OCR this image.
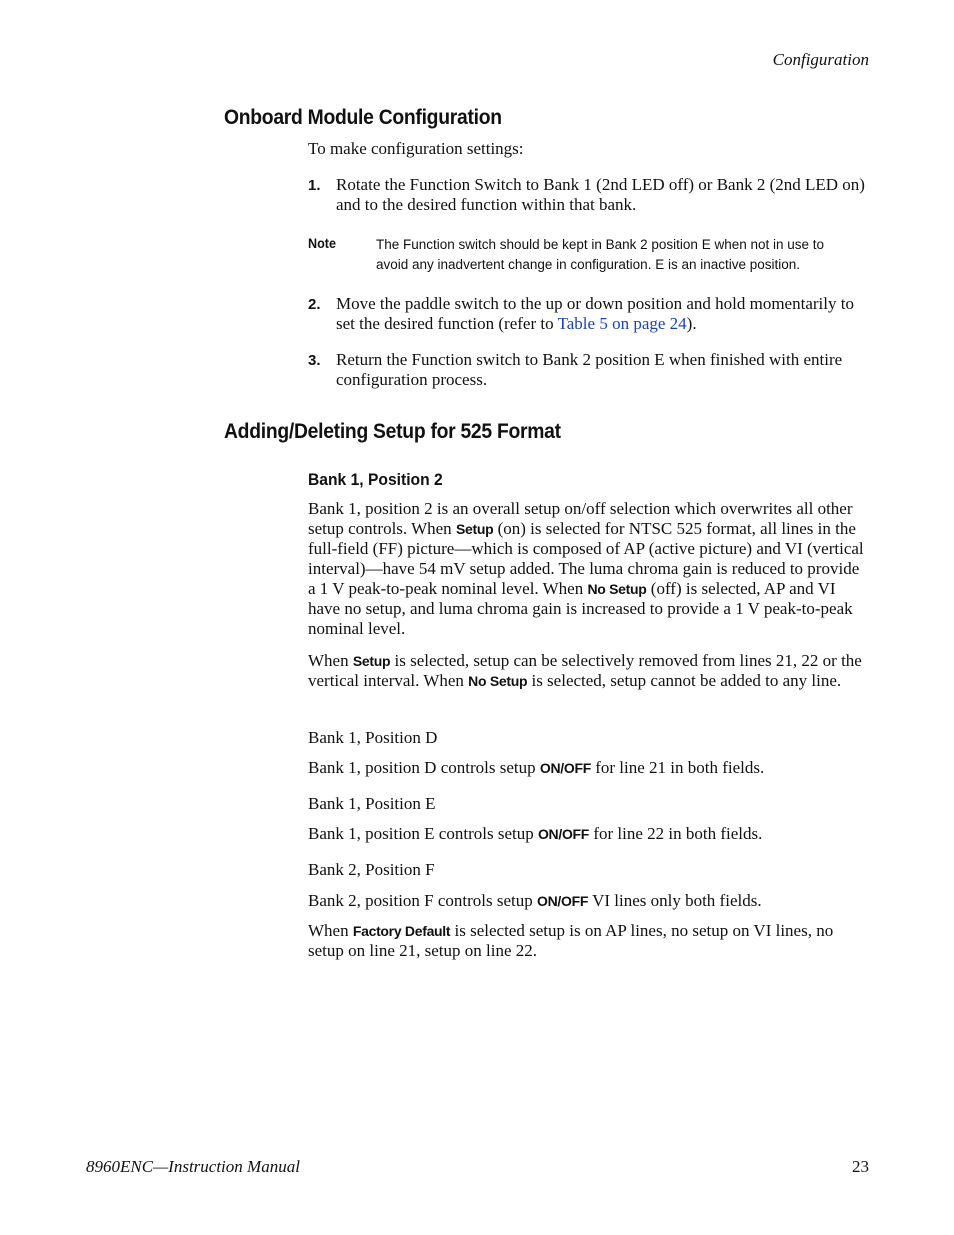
Configuration
Onboard Module Configuration

To make configuration settings:

1. Rotate the Function Switch to Bank 1 (2nd LED off) or Bank 2 (2nd LED on) and to the desired function within that bank.
Note	The Function switch should be kept in Bank 2 position E when not in use to avoid any inadvertent change in configuration. E is an inactive position.
2. Move the paddle switch to the up or down position and hold momentarily to set the desired function (refer to Table 5 on page 24).
3. Return the Function switch to Bank 2 position E when finished with entire configuration process.
Adding/Deleting Setup for 525 Format
Bank 1, Position 2

Bank 1, position 2 is an overall setup on/off selection which overwrites all other setup controls. When Setup (on) is selected for NTSC 525 format, all lines in the full-field (FF) picture—which is composed of AP (active picture) and VI (vertical interval)—have 54 mV setup added. The luma chroma gain is reduced to provide a 1 V peak-to-peak nominal level. When No Setup (off) is selected, AP and VI have no setup, and luma chroma gain is increased to provide a 1 V peak-to-peak nominal level.

When Setup is selected, setup can be selectively removed from lines 21, 22 or the vertical interval. When No Setup is selected, setup cannot be added to any line.

Bank 1, Position D

Bank 1, position D controls setup ON/OFF for line 21 in both fields.

Bank 1, Position E

Bank 1, position E controls setup ON/OFF for line 22 in both fields.

Bank 2, Position F

Bank 2, position F controls setup ON/OFF VI lines only both fields.

When Factory Default is selected setup is on AP lines, no setup on VI lines, no setup on line 21, setup on line 22.

8960ENC—Instruction Manual	23
